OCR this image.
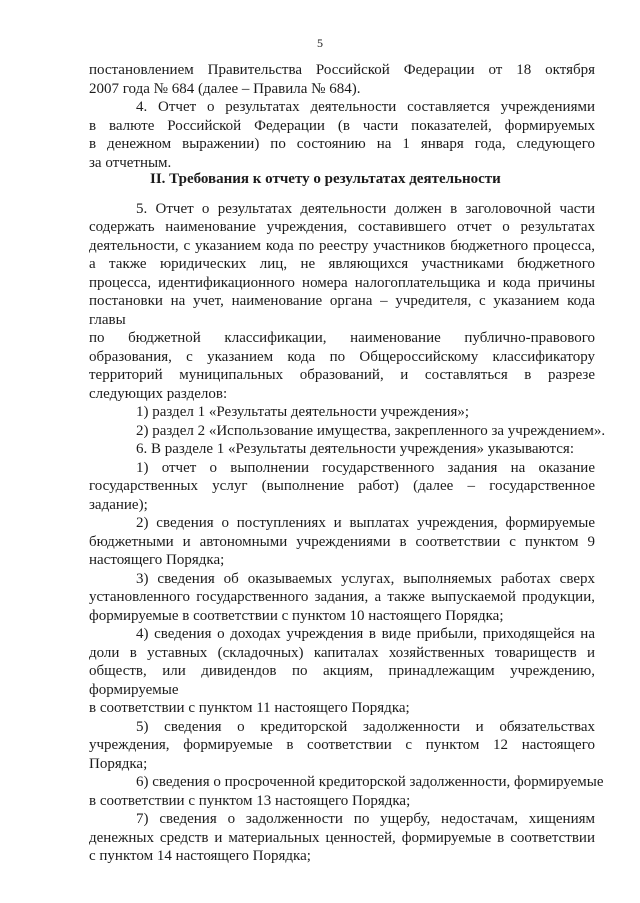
5
постановлением Правительства Российской Федерации от 18 октября
2007 года № 684 (далее – Правила № 684).
4. Отчет о результатах деятельности составляется учреждениями
в валюте Российской Федерации (в части показателей, формируемых
в денежном выражении) по состоянию на 1 января года, следующего
за отчетным.
II. Требования к отчету о результатах деятельности
5. Отчет о результатах деятельности должен в заголовочной части
содержать наименование учреждения, составившего отчет о результатах
деятельности, с указанием кода по реестру участников бюджетного процесса,
а также юридических лиц, не являющихся участниками бюджетного
процесса, идентификационного номера налогоплательщика и кода причины
постановки на учет, наименование органа – учредителя, с указанием кода
главы
по бюджетной классификации, наименование публично-правового
образования, с указанием кода по Общероссийскому классификатору
территорий муниципальных образований, и составляться в разрезе
следующих разделов:
1) раздел 1 «Результаты деятельности учреждения»;
2) раздел 2 «Использование имущества, закрепленного за учреждением».
6. В разделе 1 «Результаты деятельности учреждения» указываются:
1) отчет о выполнении государственного задания на оказание
государственных услуг (выполнение работ) (далее – государственное
задание);
2) сведения о поступлениях и выплатах учреждения, формируемые
бюджетными и автономными учреждениями в соответствии с пунктом 9
настоящего Порядка;
3) сведения об оказываемых услугах, выполняемых работах сверх
установленного государственного задания, а также выпускаемой продукции,
формируемые в соответствии с пунктом 10 настоящего Порядка;
4) сведения о доходах учреждения в виде прибыли, приходящейся на
доли в уставных (складочных) капиталах хозяйственных товариществ и
обществ, или дивидендов по акциям, принадлежащим учреждению,
формируемые
в соответствии с пунктом 11 настоящего Порядка;
5) сведения о кредиторской задолженности и обязательствах
учреждения, формируемые в соответствии с пунктом 12 настоящего
Порядка;
6) сведения о просроченной кредиторской задолженности, формируемые
в соответствии с пунктом 13 настоящего Порядка;
7) сведения о задолженности по ущербу, недостачам, хищениям
денежных средств и материальных ценностей, формируемые в соответствии
с пунктом 14 настоящего Порядка;
